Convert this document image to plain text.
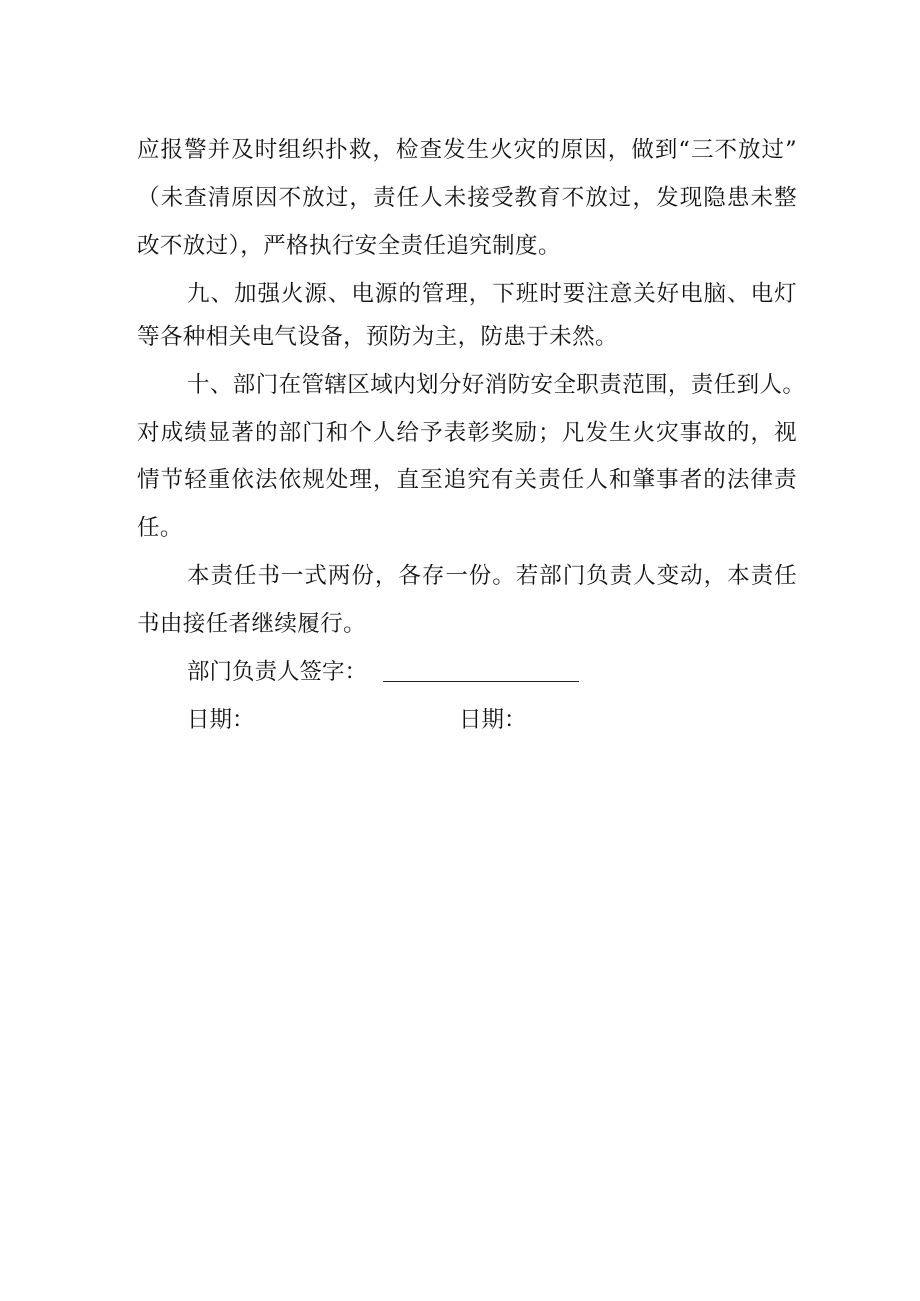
应报警并及时组织扑救，检查发生火灾的原因，做到“三不放过”
（未查清原因不放过，责任人未接受教育不放过，发现隐患未整
改不放过），严格执行安全责任追究制度。
九、加强火源、电源的管理，下班时要注意关好电脑、电灯
等各种相关电气设备，预防为主，防患于未然。
十、部门在管辖区域内划分好消防安全职责范围，责任到人。
对成绩显著的部门和个人给予表彰奖励；凡发生火灾事故的，视
情节轻重依法依规处理，直至追究有关责任人和肇事者的法律责
任。
本责任书一式两份，各存一份。若部门负责人变动，本责任
书由接任者继续履行。
部门负责人签字：
日期：	日期：
